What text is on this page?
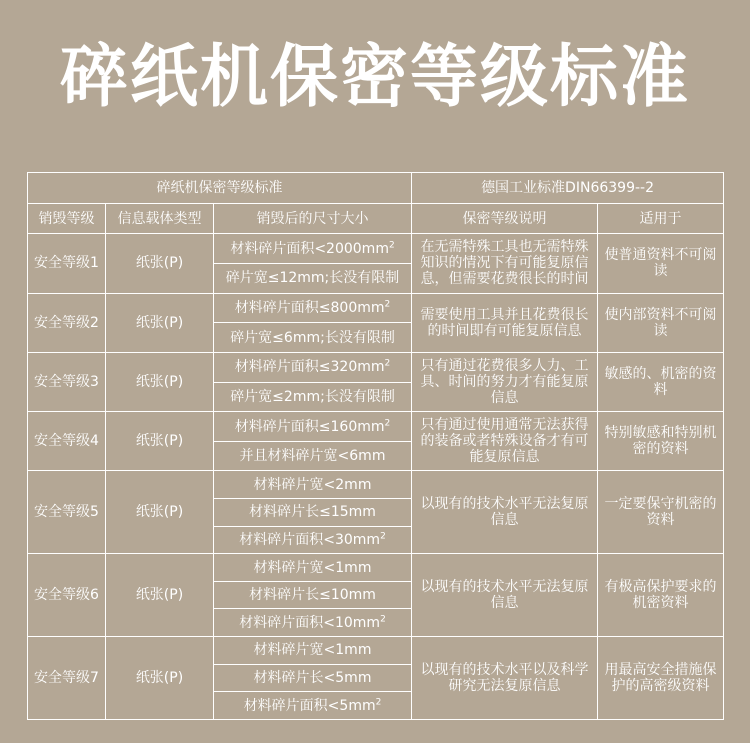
碎纸机保密等级标准
碎纸机保密等级标准			德国工业标准DIN66399--2	
销毁等级	信息载体类型	销毁后的尺寸大小	保密等级说明	适用于
安全等级1	纸张(P)	材料碎片面积$<2000mm^2$	在无需特殊工具也无需特殊知识的情况下有可能复原信息，但需要花费很长的时间	使普通资料不可阅读
		碎片宽≤12mm;长没有限制		
安全等级2	纸张(P)	材料碎片面积$\le 800mm^2$	需要使用工具并且花费很长的时间即有可能复原信息	使内部资料不可阅读
		碎片宽≤6mm;长没有限制		
安全等级3	纸张(P)	材料碎片面积$\le 320mm^2$	只有通过花费很多人力、工具、时间的努力才有能复原信息	敏感的、机密的资料
		碎片宽≤2mm;长没有限制		
安全等级4	纸张(P)	材料碎片面积$\le 160mm^2$	只有通过使用通常无法获得的装备或者特殊设备才有可能复原信息	特别敏感和特别机密的资料
		并且材料碎片宽<6mm		
安全等级5	纸张(P)	材料碎片宽<2mm	以现有的技术水平无法复原信息	一定要保守机密的资料
		材料碎片长≤15mm		
		材料碎片面积$<30mm^2$
安全等级6	纸张(P)	材料碎片宽<1mm	以现有的技术水平无法复原信息	有极高保护要求的机密资料
		材料碎片长≤10mm		
		材料碎片面积$<10mm^2$
安全等级7	纸张(P)	材料碎片宽<1mm	以现有的技术水平以及科学研究无法复原信息	用最高安全措施保护的高密级资料
		材料碎片长<5mm		
		材料碎片面积$<5mm^2$
